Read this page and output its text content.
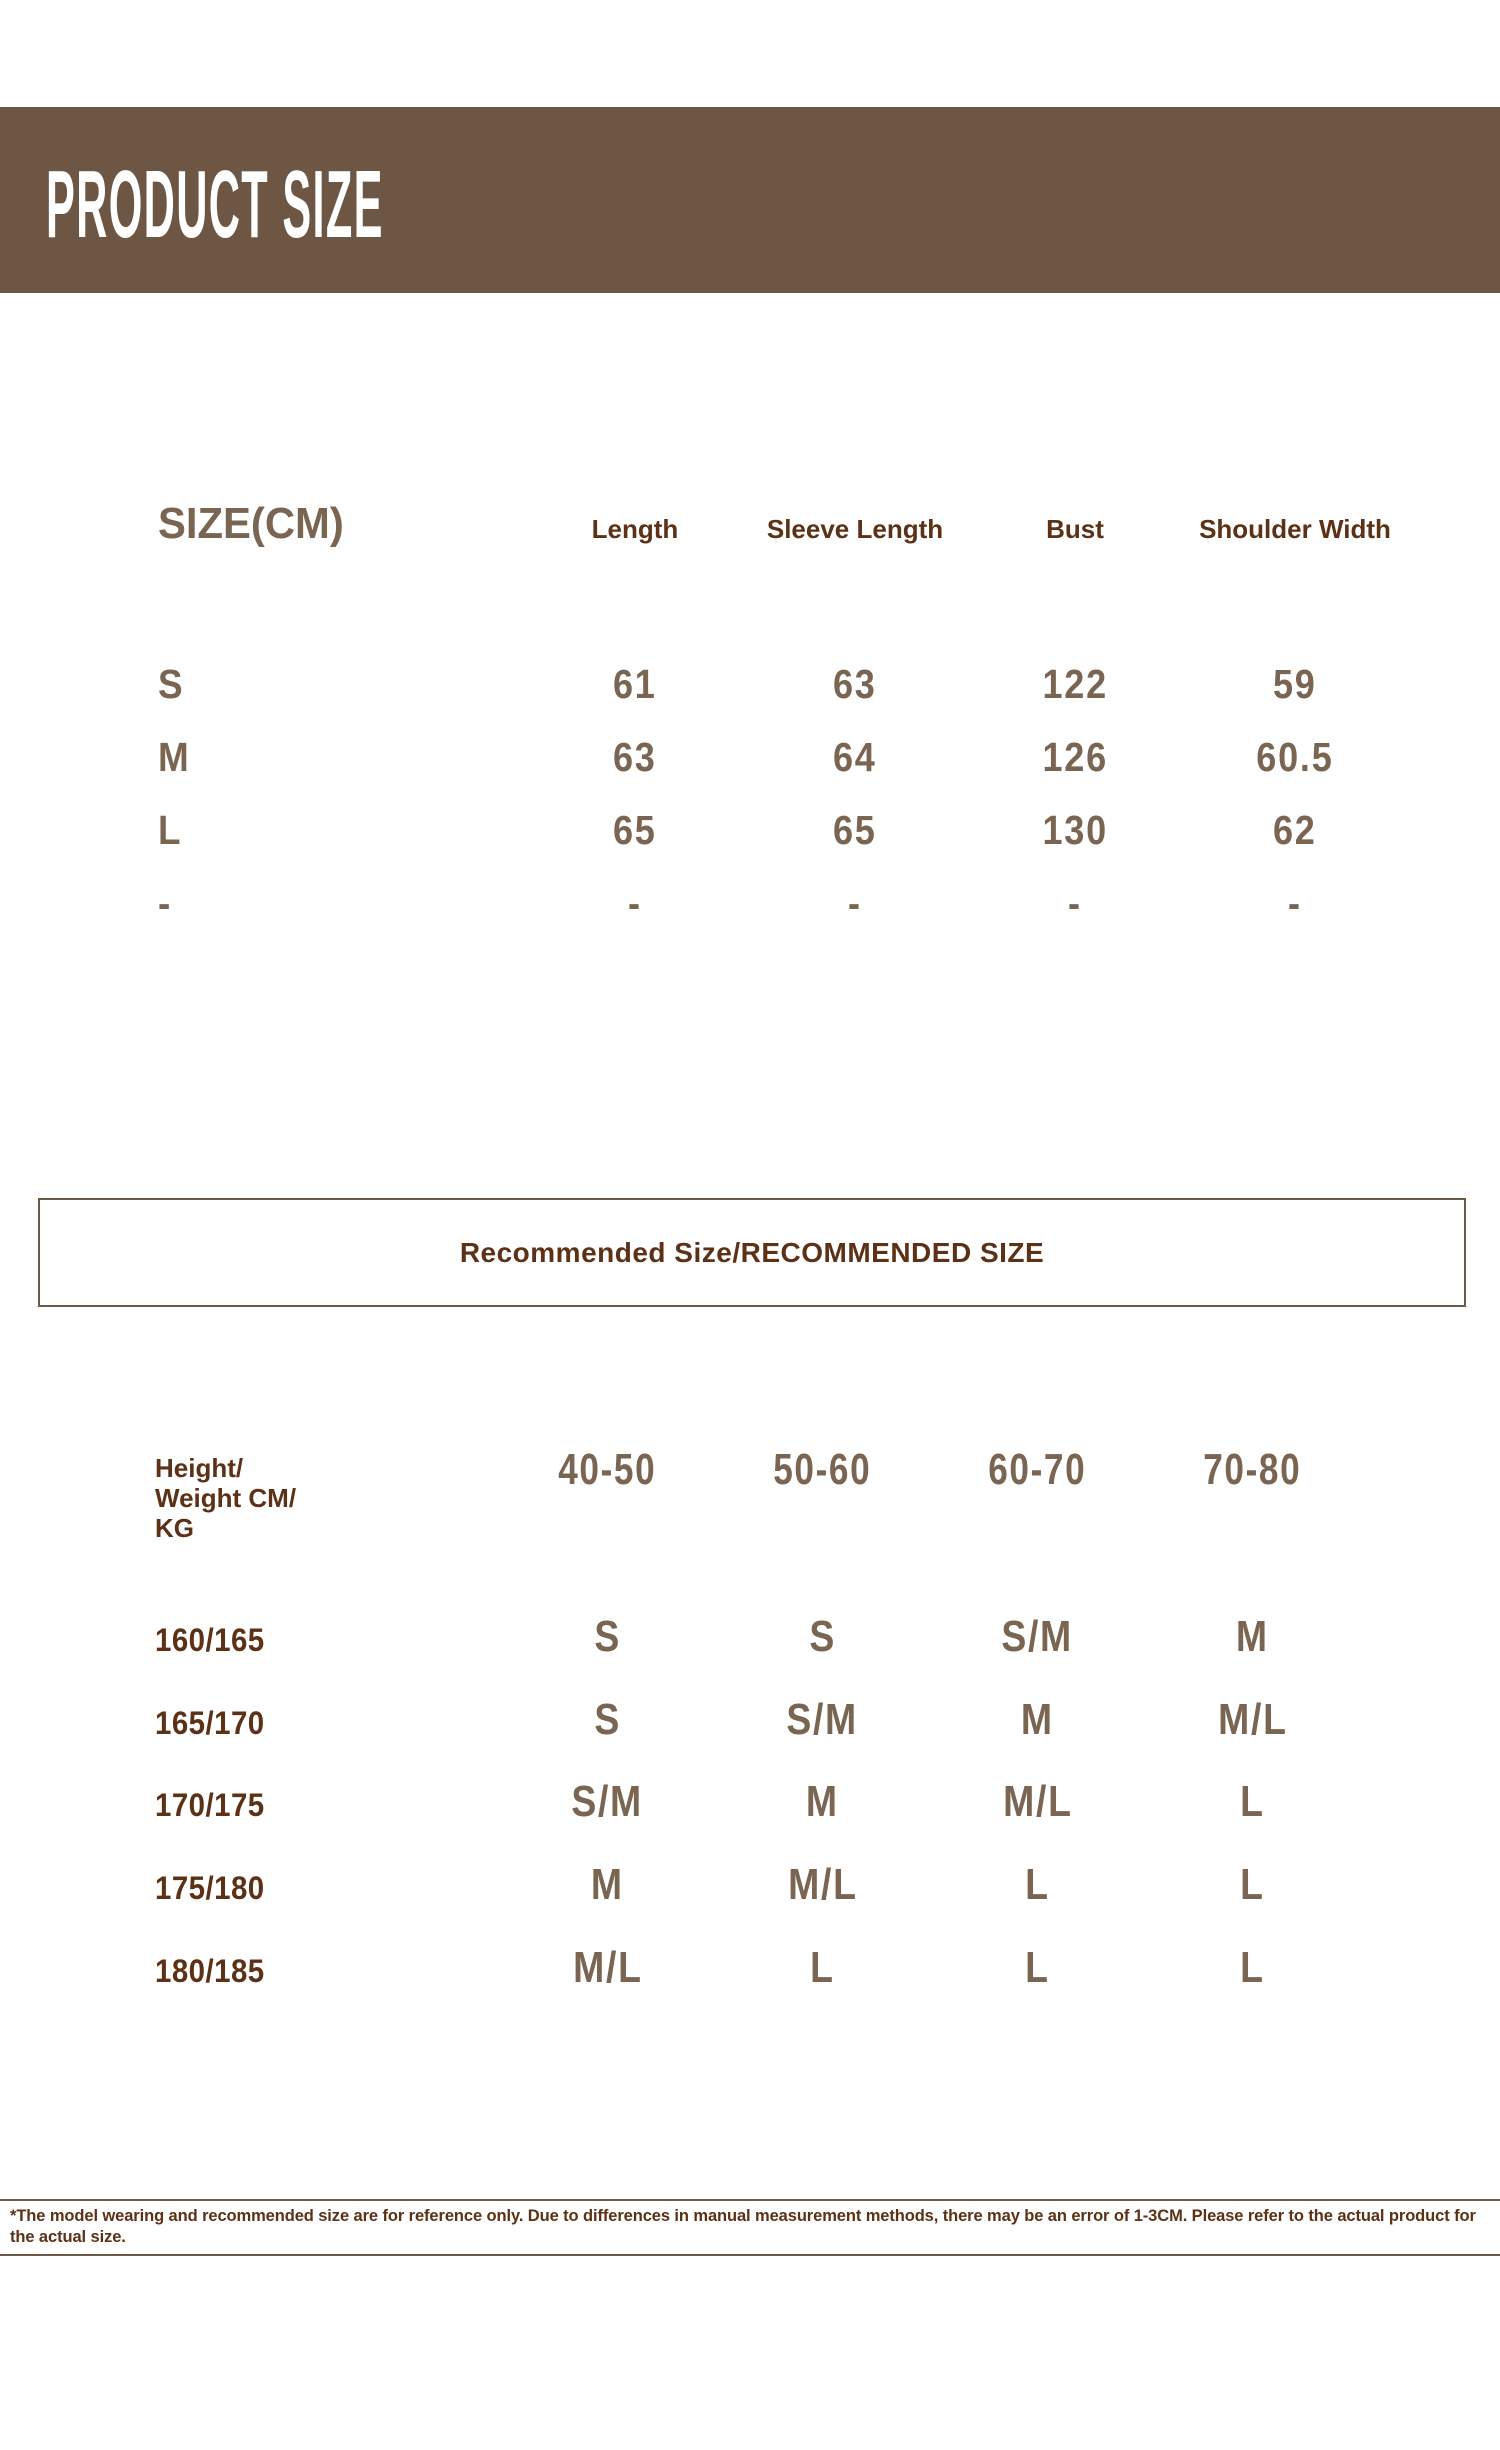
PRODUCT SIZE
SIZE(CM)	Length	Sleeve Length	Bust	Shoulder Width
S	61	63	122	59
M	63	64	126	60.5
L	65	65	130	62
-	-	-	-	-
Recommended Size/RECOMMENDED SIZE
Height/
Weight CM/
KG
40-50	50-60	60-70	70-80
160/165	S	S	S/M	M
165/170	S	S/M	M	M/L
170/175	S/M	M	M/L	L
175/180	M	M/L	L	L
180/185	M/L	L	L	L

*The model wearing and recommended size are for reference only. Due to differences in manual measurement methods, there may be an error of 1-3CM. Please refer to the actual product for the actual size.
